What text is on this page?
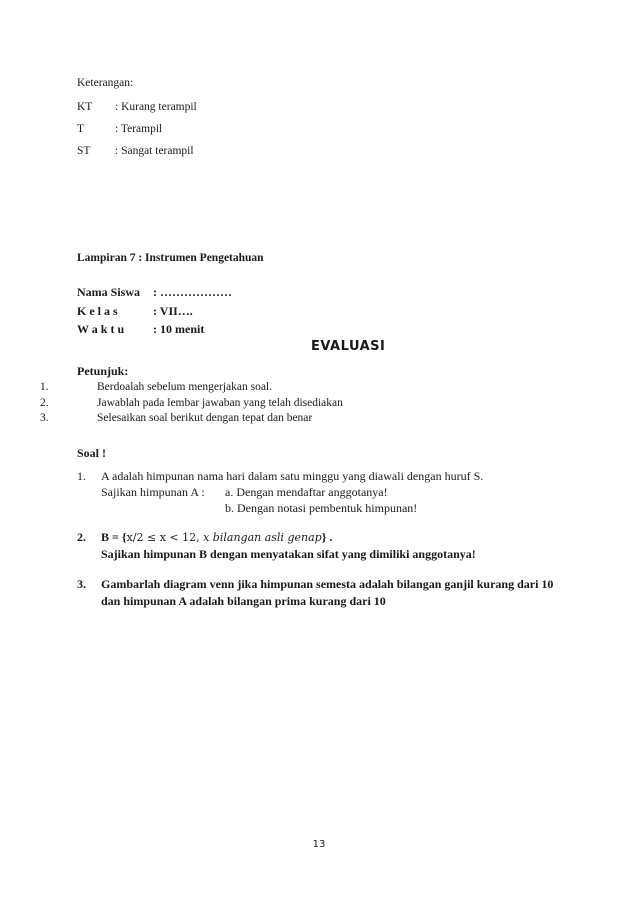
Keterangan:
KT : Kurang terampil
T	: Terampil
ST : Sangat terampil
Lampiran 7 : Instrumen Pengetahuan
Nama Siswa : ………………
K e l a s	: VII….
W a k t u : 10 menit
EVALUASI
Petunjuk:
1.	Berdoalah sebelum mengerjakan soal.
2.	Jawablah pada lembar jawaban yang telah disediakan
3.	Selesaikan soal berikut dengan tepat dan benar
Soal !
1. A adalah himpunan nama hari dalam satu minggu yang diawali dengan huruf S.
Sajikan himpunan A : a. Dengan mendaftar anggotanya!
b. Dengan notasi pembentuk himpunan!
2. B = {x/2 ≤ x < 12, x bilangan asli genap} .
Sajikan himpunan B dengan menyatakan sifat yang dimiliki anggotanya!
3. Gambarlah diagram venn jika himpunan semesta adalah bilangan ganjil kurang dari 10
dan himpunan A adalah bilangan prima kurang dari 10
13
